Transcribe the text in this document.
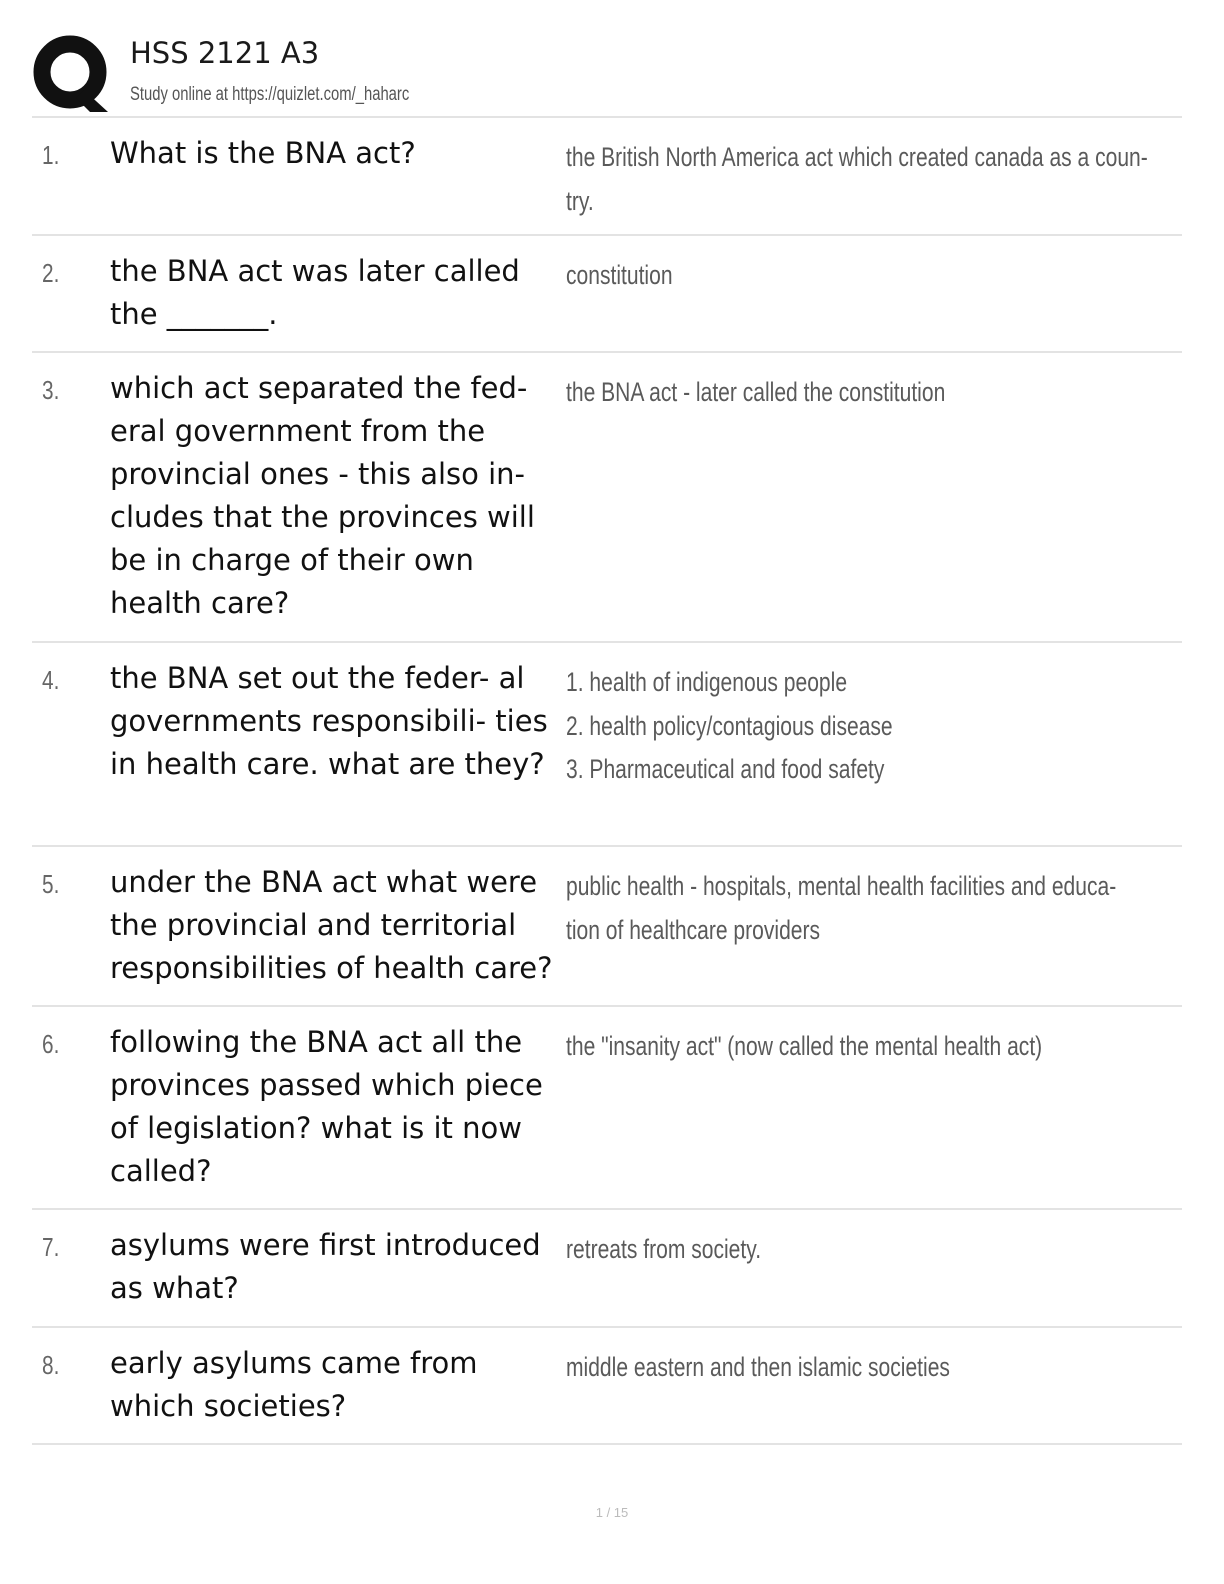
HSS 2121 A3
Study online at https://quizlet.com/_haharc
1. What is the BNA act?	the British North America act which created canada as a coun-
try.
2. the BNA act was later called the _______.
constitution
3. which act separated the fed- eral government from the provincial ones - this also in- cludes that the provinces will be in charge of their own health care?
the BNA act - later called the constitution
4. the BNA set out the feder- al governments responsibili- ties in health care. what are they?
1. health of indigenous people
2. health policy/contagious disease
3. Pharmaceutical and food safety
5. under the BNA act what were the provincial and territorial responsibilities of health care?
public health - hospitals, mental health facilities and educa-
tion of healthcare providers
6. following the BNA act all the provinces passed which piece of legislation? what is it now called?
the "insanity act" (now called the mental health act)
7. asylums were first introduced as what?
retreats from society.
8. early asylums came from which societies?
middle eastern and then islamic societies
1 / 15
